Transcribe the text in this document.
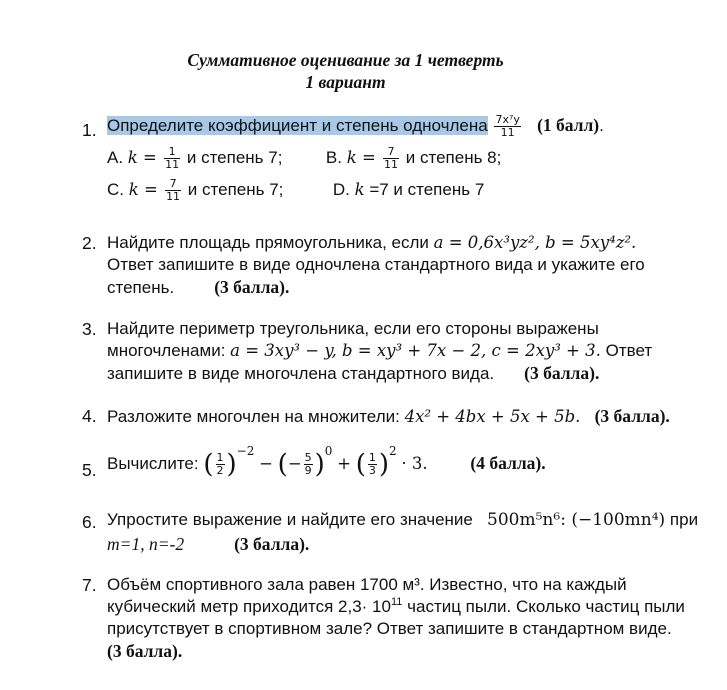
Суммативное оценивание за 1 четверть
1 вариант
1. Определите коэффициент и степень одночлена $\frac{\text{7x⁷y}}{11} (1$ балл).
A. $k = \frac{1}{11}$ и степень 7;	B. $k = \frac{7}{11}$ и степень 8;
C. $k = \frac{7}{11}$ и степень 7;	D. k =7 и степень 7
2. Найдите площадь прямоугольника, если a = 0,6x³yz², b = 5xy⁴z².
Ответ запишите в виде одночлена стандартного вида и укажите его
степень. (3 балла).
3. Найдите периметр треугольника, если его стороны выражены
многочленами: a = 3xy³ − y, b = xy³ + 7x − 2, c = 2xy³ + 3. Ответ
запишите в виде многочлена стандартного вида. (3 балла).
4. Разложите многочлен на множители: 4x² + 4bx + 5x + 5b. (3 балла).
5. Вычислите: ( $\frac{1}{2} )^{-2}$ − (− $\frac{5}{9} )^0$ + ( $\frac{1}{3} )^2 \cdot 3$. (4 балла).
6. Упростите выражение и найдите его значение 500m⁵n⁶: (−100mn⁴) при
m=1, n=-2	(3 балла).
7. Объём спортивного зала равен 1700 м³. Известно, что на каждый
кубический метр приходится $2,3\cdot 10^{11}$ частиц пыли. Сколько частиц пыли
присутствует в спортивном зале? Ответ запишите в стандартном виде.
(3 балла).
